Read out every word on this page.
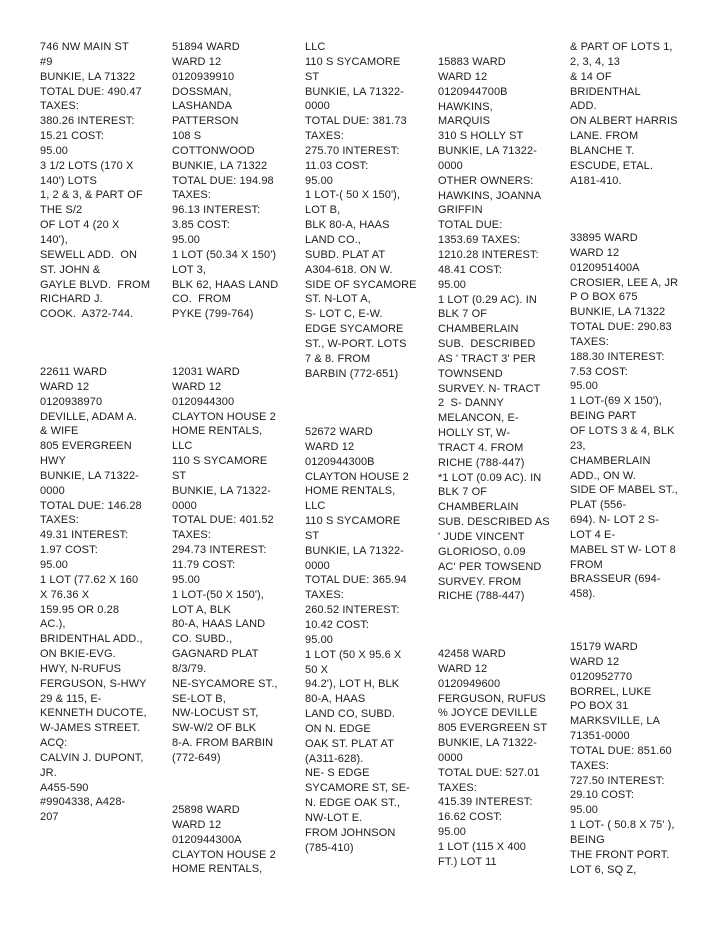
746 NW MAIN ST
#9
BUNKIE, LA 71322
TOTAL DUE: 490.47
TAXES:
380.26 INTEREST:
15.21 COST:
95.00
3 1/2 LOTS (170 X
140') LOTS
1, 2 & 3, & PART OF
THE S/2
OF LOT 4 (20 X
140'),
SEWELL ADD.  ON
ST. JOHN &
GAYLE BLVD.  FROM
RICHARD J.
COOK.  A372-744.
22611 WARD
WARD 12
0120938970
DEVILLE, ADAM A.
& WIFE
805 EVERGREEN
HWY
BUNKIE, LA 71322-
0000
TOTAL DUE: 146.28
TAXES:
49.31 INTEREST:
1.97 COST:
95.00
1 LOT (77.62 X 160
X 76.36 X
159.95 OR 0.28
AC.),
BRIDENTHAL ADD.,
ON BKIE-EVG.
HWY, N-RUFUS
FERGUSON, S-HWY
29 & 115, E-
KENNETH DUCOTE,
W-JAMES STREET.
ACQ:
CALVIN J. DUPONT,
JR.
A455-590
#9904338, A428-
207
51894 WARD
WARD 12
0120939910
DOSSMAN,
LASHANDA
PATTERSON
108 S
COTTONWOOD
BUNKIE, LA 71322
TOTAL DUE: 194.98
TAXES:
96.13 INTEREST:
3.85 COST:
95.00
1 LOT (50.34 X 150')
LOT 3,
BLK 62, HAAS LAND
CO.  FROM
PYKE (799-764)
12031 WARD
WARD 12
0120944300
CLAYTON HOUSE 2
HOME RENTALS,
LLC
110 S SYCAMORE
ST
BUNKIE, LA 71322-
0000
TOTAL DUE: 401.52
TAXES:
294.73 INTEREST:
11.79 COST:
95.00
1 LOT-(50 X 150'),
LOT A, BLK
80-A, HAAS LAND
CO. SUBD.,
GAGNARD PLAT
8/3/79.
NE-SYCAMORE ST.,
SE-LOT B,
NW-LOCUST ST,
SW-W/2 OF BLK
8-A. FROM BARBIN
(772-649)
25898 WARD
WARD 12
0120944300A
CLAYTON HOUSE 2
HOME RENTALS,
LLC
110 S SYCAMORE
ST
BUNKIE, LA 71322-
0000
TOTAL DUE: 381.73
TAXES:
275.70 INTEREST:
11.03 COST:
95.00
1 LOT-( 50 X 150'),
LOT B,
BLK 80-A, HAAS
LAND CO.,
SUBD. PLAT AT
A304-618. ON W.
SIDE OF SYCAMORE
ST. N-LOT A,
S- LOT C, E-W.
EDGE SYCAMORE
ST., W-PORT. LOTS
7 & 8. FROM
BARBIN (772-651)
52672 WARD
WARD 12
0120944300B
CLAYTON HOUSE 2
HOME RENTALS,
LLC
110 S SYCAMORE
ST
BUNKIE, LA 71322-
0000
TOTAL DUE: 365.94
TAXES:
260.52 INTEREST:
10.42 COST:
95.00
1 LOT (50 X 95.6 X
50 X
94.2'), LOT H, BLK
80-A, HAAS
LAND CO, SUBD.
ON N. EDGE
OAK ST. PLAT AT
(A311-628).
NE- S EDGE
SYCAMORE ST, SE-
N. EDGE OAK ST.,
NW-LOT E.
FROM JOHNSON
(785-410)
15883 WARD
WARD 12
0120944700B
HAWKINS,
MARQUIS
310 S HOLLY ST
BUNKIE, LA 71322-
0000
OTHER OWNERS:
HAWKINS, JOANNA
GRIFFIN
TOTAL DUE:
1353.69 TAXES:
1210.28 INTEREST:
48.41 COST:
95.00
1 LOT (0.29 AC). IN
BLK 7 OF
CHAMBERLAIN
SUB.  DESCRIBED
AS ' TRACT 3' PER
TOWNSEND
SURVEY. N- TRACT
2  S- DANNY
MELANCON, E-
HOLLY ST, W-
TRACT 4. FROM
RICHE (788-447)
*1 LOT (0.09 AC). IN
BLK 7 OF
CHAMBERLAIN
SUB. DESCRIBED AS
' JUDE VINCENT
GLORIOSO, 0.09
AC' PER TOWSEND
SURVEY. FROM
RICHE (788-447)
42458 WARD
WARD 12
0120949600
FERGUSON, RUFUS
% JOYCE DEVILLE
805 EVERGREEN ST
BUNKIE, LA 71322-
0000
TOTAL DUE: 527.01
TAXES:
415.39 INTEREST:
16.62 COST:
95.00
1 LOT (115 X 400
FT.) LOT 11
& PART OF LOTS 1,
2, 3, 4, 13
& 14 OF
BRIDENTHAL
ADD.
ON ALBERT HARRIS
LANE. FROM
BLANCHE T.
ESCUDE, ETAL.
A181-410.
33895 WARD
WARD 12
0120951400A
CROSIER, LEE A, JR
P O BOX 675
BUNKIE, LA 71322
TOTAL DUE: 290.83
TAXES:
188.30 INTEREST:
7.53 COST:
95.00
1 LOT-(69 X 150'),
BEING PART
OF LOTS 3 & 4, BLK
23,
CHAMBERLAIN
ADD., ON W.
SIDE OF MABEL ST.,
PLAT (556-
694). N- LOT 2 S-
LOT 4 E-
MABEL ST W- LOT 8
FROM
BRASSEUR (694-
458).
15179 WARD
WARD 12
0120952770
BORREL, LUKE
PO BOX 31
MARKSVILLE, LA
71351-0000
TOTAL DUE: 851.60
TAXES:
727.50 INTEREST:
29.10 COST:
95.00
1 LOT- ( 50.8 X 75' ),
BEING
THE FRONT PORT.
LOT 6, SQ Z,
